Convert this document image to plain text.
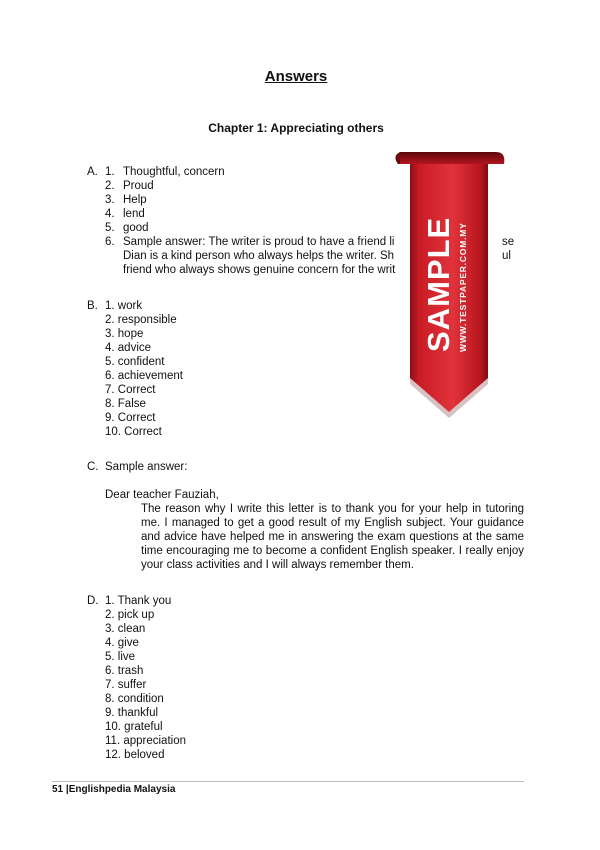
Answers
Chapter 1: Appreciating others
A. 1. Thoughtful, concern
2. Proud
3. Help
4. lend
5. good
6. Sample answer: The writer is proud to have a friend li
Dian is a kind person who always helps the writer. Sh
friend who always shows genuine concern for the writ
se
ul
B. 1. work
2. responsible
3. hope
4. advice
5. confident
6. achievement
7. Correct
8. False
9. Correct
10. Correct
C. Sample answer:
Dear teacher Fauziah,
The reason why I write this letter is to thank you for your help in tutoring me. I managed to get a good result of my English subject. Your guidance and advice have helped me in answering the exam questions at the same time encouraging me to become a confident English speaker. I really enjoy your class activities and I will always remember them.
D. 1. Thank you
2. pick up
3. clean
4. give
5. live
6. trash
7. suffer
8. condition
9. thankful
10. grateful
11. appreciation
12. beloved
51 |Englishpedia Malaysia
SAMPLE WWW.TESTPAPER.COM.MY
